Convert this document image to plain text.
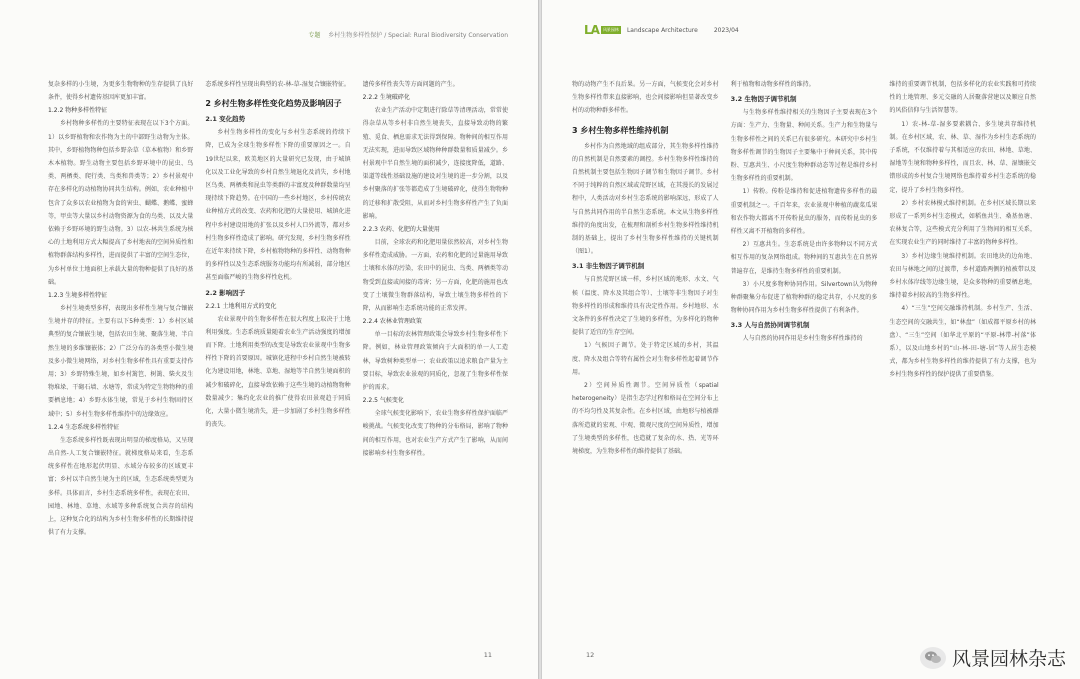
专题 乡村生物多样性保护 / Special: Rural Biodiversity Conservation

复杂多样的小生境，为更多生物物种的生存提供了良好条件，使得乡村遗传基因库更加丰富。

1.2.2 物种多样性特征

乡村物种多样性的主要特征表现在以下3个方面。1）以乡野植物和农作物为主的中部野生动物为主体。其中，乡野植物物种包括乡野杂草（草本植物）和乡野木本植物。野生动物主要包括乡野环境中的昆虫、鸟类、两栖类、爬行类、鸟类和兽类等；2）乡村景观中存在多样化的动植物协同共生结构。例如，农业种植中包含了众多以农业植物为食的害虫、蝴蝶、鹅蝶、蜜蜂等，甲虫等大量以乡村动物资源为食的鸟类、以及大量依赖于乡野环境的野生动物。3）以农-林共生系统为核心的土地利用方式大幅提高了乡村地表的空间异质性和植物群落结构多样性，进而提供了丰富的空间生态位，为乡村单位土地面积上承载大量的物种提供了良好的基础。

1.2.3 生境多样性特征

乡村生境类型多样，表现出多样性生境与复合镶嵌生境并存的特征。主要有以下5种类型：1）乡村区域典型的复合镶嵌生境，包括农田生境、聚落生境、半自然生境的多维镶嵌体；2）广泛分布的各类型小微生境及多小微生境网络，对乡村生物多样性具有重要支持作用；3）乡野特殊生境，如乡村篱笆、树篱、柴火及生物堆垛、干砌石墙、水塘等，常成为特定生物物种的重要栖息地；4）乡野水体生境，常见于乡村生物固持区域中；5）乡村生物多样性维持中的边缘效应。

1.2.4 生态系统多样性特征

生态系统多样性既表现出明显的梯度格局，又呈现出自然-人工复合镶嵌特征。就梯度格局来看，生态系统多样性在地形起伏明显、水域分布较多的区域更丰富；乡村以半自然生境为主的区域，生态系统类型更为多样。具体而言，乡村生态系统多样性，表现在农田、园地、林地、草地、水域等多种系统复合共存的结构上，这种复合化的结构为乡村生物多样性的长期维持提供了有力支撑。

态系统多样性呈现出典型的农-林-草-湿复合镶嵌特征。

2 乡村生物多样性变化趋势及影响因子
2.1 变化趋势

乡村生物多样性的变化与乡村生态系统的持续下降，已成为全球生物多样性下降的重要原因之一。自19世纪以来，欧美地区的大量研究已发现，由于城镇化以及工业化导致的乡村自然生境退化及消失，乡村地区鸟类、两栖类和昆虫等类群的丰富度及种群数量均呈现持续下降趋势。在中国的一些乡村地区，乡村传统农业种植方式的改变、农药和化肥的大量使用、城镇化进程中乡村建设用地的扩张以及乡村人口外流等，都对乡村生物多样性造成了影响。研究发现，乡村生物多样性在近年来持续下降，乡村植物物种的多样性、动物物种的多样性以及生态系统服务功能均有所减弱，部分地区甚至面临严峻的生物多样性危机。

2.2 影响因子
2.2.1 土地利用方式的变化

农业景观中的生物多样性在很大程度上取决于土地利用强度。生态系统质量随着农业生产活动强度的增加而下降。土地利用类型的改变是导致农业景观中生物多样性下降的首要原因。城镇化进程中乡村自然生境被转化为建设用地，林地、草地、湿地等半自然生境面积的减少和破碎化，直接导致依赖于这些生境的动植物物种数量减少；集约化农业的推广使得农田景观趋于同质化，大量小微生境消失，进一步加剧了乡村生物多样性的丧失。

遗传多样性丧失等方面问题的产生。

2.2.2 生境破碎化

农业生产活动中定期进行除草等清理活动，常常使得杂草从等乡村非自然生境丧失，直接导致动物的繁殖、觅食、栖息需求无法得到保障。物种间的相互作用无法实现，进而导致区域物种种群数量和质量减少。乡村景观中半自然生境的面积减少，连接度降低，道路、渠道等线性基础设施的建设对生境的进一步分割，以及乡村聚落的扩张等都造成了生境破碎化，使得生物物种的迁移和扩散受阻，从而对乡村生物多样性产生了负面影响。

2.2.3 农药、化肥的大量使用

目前，全球农药和化肥用量依然较高，对乡村生物多样性造成威胁。一方面，农药和化肥的过量施用导致土壤和水体的污染，农田中的昆虫、鸟类、两栖类等动物受到直接或间接的毒害；另一方面，化肥的施用也改变了土壤微生物群落结构，导致土壤生物多样性的下降，从而影响生态系统功能的正常发挥。

2.2.4 农林业管理政策

单一目标的农林管理政策会导致乡村生物多样性下降。例如，林业管理政策倾向于大面积的单一人工造林，导致树种类型单一；农业政策以追求粮食产量为主要目标，导致农业景观的同质化，忽视了生物多样性保护的需求。

2.2.5 气候变化

全球气候变化影响下，农业生物多样性保护面临严峻挑战。气候变化改变了物种的分布格局，影响了物种间的相互作用，也对农业生产方式产生了影响，从而间接影响乡村生物多样性。

11
LA	风景园林	Landscape Architecture	2023/04

物的动物产生不良后果。另一方面，气候变化会对乡村生物多样性带来直接影响，也会间接影响但显著改变乡村的动物种群多样性。

3 乡村生物多样性维持机制

乡村作为自然地域的组成部分，其生物多样性维持的自然机制是自然要素的调控。乡村生物多样性维持的自然机制主要包括生物因子调节和生物因子调节。乡村不同于纯粹的自然区域或荒野区域，在其漫长的发展过程中，人类活动对乡村生态系统的影响深远，形成了人与自然共同作用的半自然生态系统。本文从生物多样性维持的角度出发，在梳理和剖析乡村生物多样性维持机制的基础上，提出了乡村生物多样性维持的关键机制（图1）。

3.1 非生物因子调节机制

与自然荒野区域一样，乡村区域的地形、水文、气候（温度、降水及其组合等）、土壤等非生物因子对生物多样性的形成和维持具有决定性作用。乡村地形、水文条件的多样性决定了生境的多样性，为多样化的物种提供了适宜的生存空间。

1）气候因子调节。处于特定区域的乡村，其温度、降水及组合等特有属性会对生物多样性起着调节作用。

2）空间异质性调节。空间异质性（spatial heterogeneity）是指生态学过程和格局在空间分布上的不均匀性及其复杂性。在乡村区域，由地形与植被群落所造就的宏观、中观、微观尺度的空间异质性，增加了生境类型的多样性，也造就了复杂的水、热、光等环境梯度，为生物多样性的维持提供了基础。

利于植物和动物多样性的维持。

3.2 生物因子调节机制

与生物多样性维持相关的生物因子主要表现在3个方面：生产力、生物量、种间关系。生产力和生物量与生物多样性之间的关系已有很多研究。本研究中乡村生物多样性调节的生物因子主要集中于种间关系，其中传粉、互惠共生、小尺度生物种群动态等过程是维持乡村生物多样性的重要机制。

1）传粉。传粉是维持和促进植物遗传多样性的最重要机制之一。千百年来，农业景观中种植的蔬菜瓜果和农作物大都离不开传粉昆虫的服务，而传粉昆虫的多样性又离不开植物的多样性。

2）互惠共生。生态系统是由许多物种以不同方式相互作用的复杂网络组成。物种间的互惠共生在自然界普遍存在，是维持生物多样性的重要机制。

3）小尺度多物种协同作用。Silvertown认为物种种群聚集分布促进了植物种群的稳定共存，小尺度的多物种协同作用为乡村生物多样性提供了有利条件。

3.3 人与自然协同调节机制

人与自然的协同作用是乡村生物多样性维持的

维持的重要调节机制，包括多样化的农业实践和可持续性的土地管理、多元交融的人居聚落营建以及顺应自然的风俗信仰与生活智慧等。

1）农-林-草-湿多要素耦合、多生境共存维持机制。在乡村区域，农、林、草、湿作为乡村生态系统的子系统，不仅维持着与其相适应的农田、林地、草地、湿地等生境和物种多样性，而且农、林、草、湿镶嵌交错形成的乡村复合生境网络也维持着乡村生态系统的稳定，提升了乡村生物多样性。

2）乡村农林模式维持机制。在乡村区域长期以来形成了一系列乡村生态模式，如稻鱼共生、桑基鱼塘、农林复合等，这些模式充分利用了生物间的相互关系，在实现农业生产的同时维持了丰富的物种多样性。

3）乡村边缘生境维持机制。农田地块的边角地、农田与林地之间的过渡带，乡村道路两侧的植被带以及乡村水体岸线等边缘生境，是众多物种的重要栖息地，维持着乡村较高的生物多样性。

4）“三生”空间交融维持机制。乡村生产、生活、生态空间的交融共生，如“林盘”（如成都平原乡村的林盘）、“三生”空间（如华北平原的“平原-林带-村落”体系），以及山地乡村的“山-林-田-塘-居”等人居生态模式，都为乡村生物多样性的维持提供了有力支撑，也为乡村生物多样性的保护提供了重要借鉴。

12	风景园林杂志
